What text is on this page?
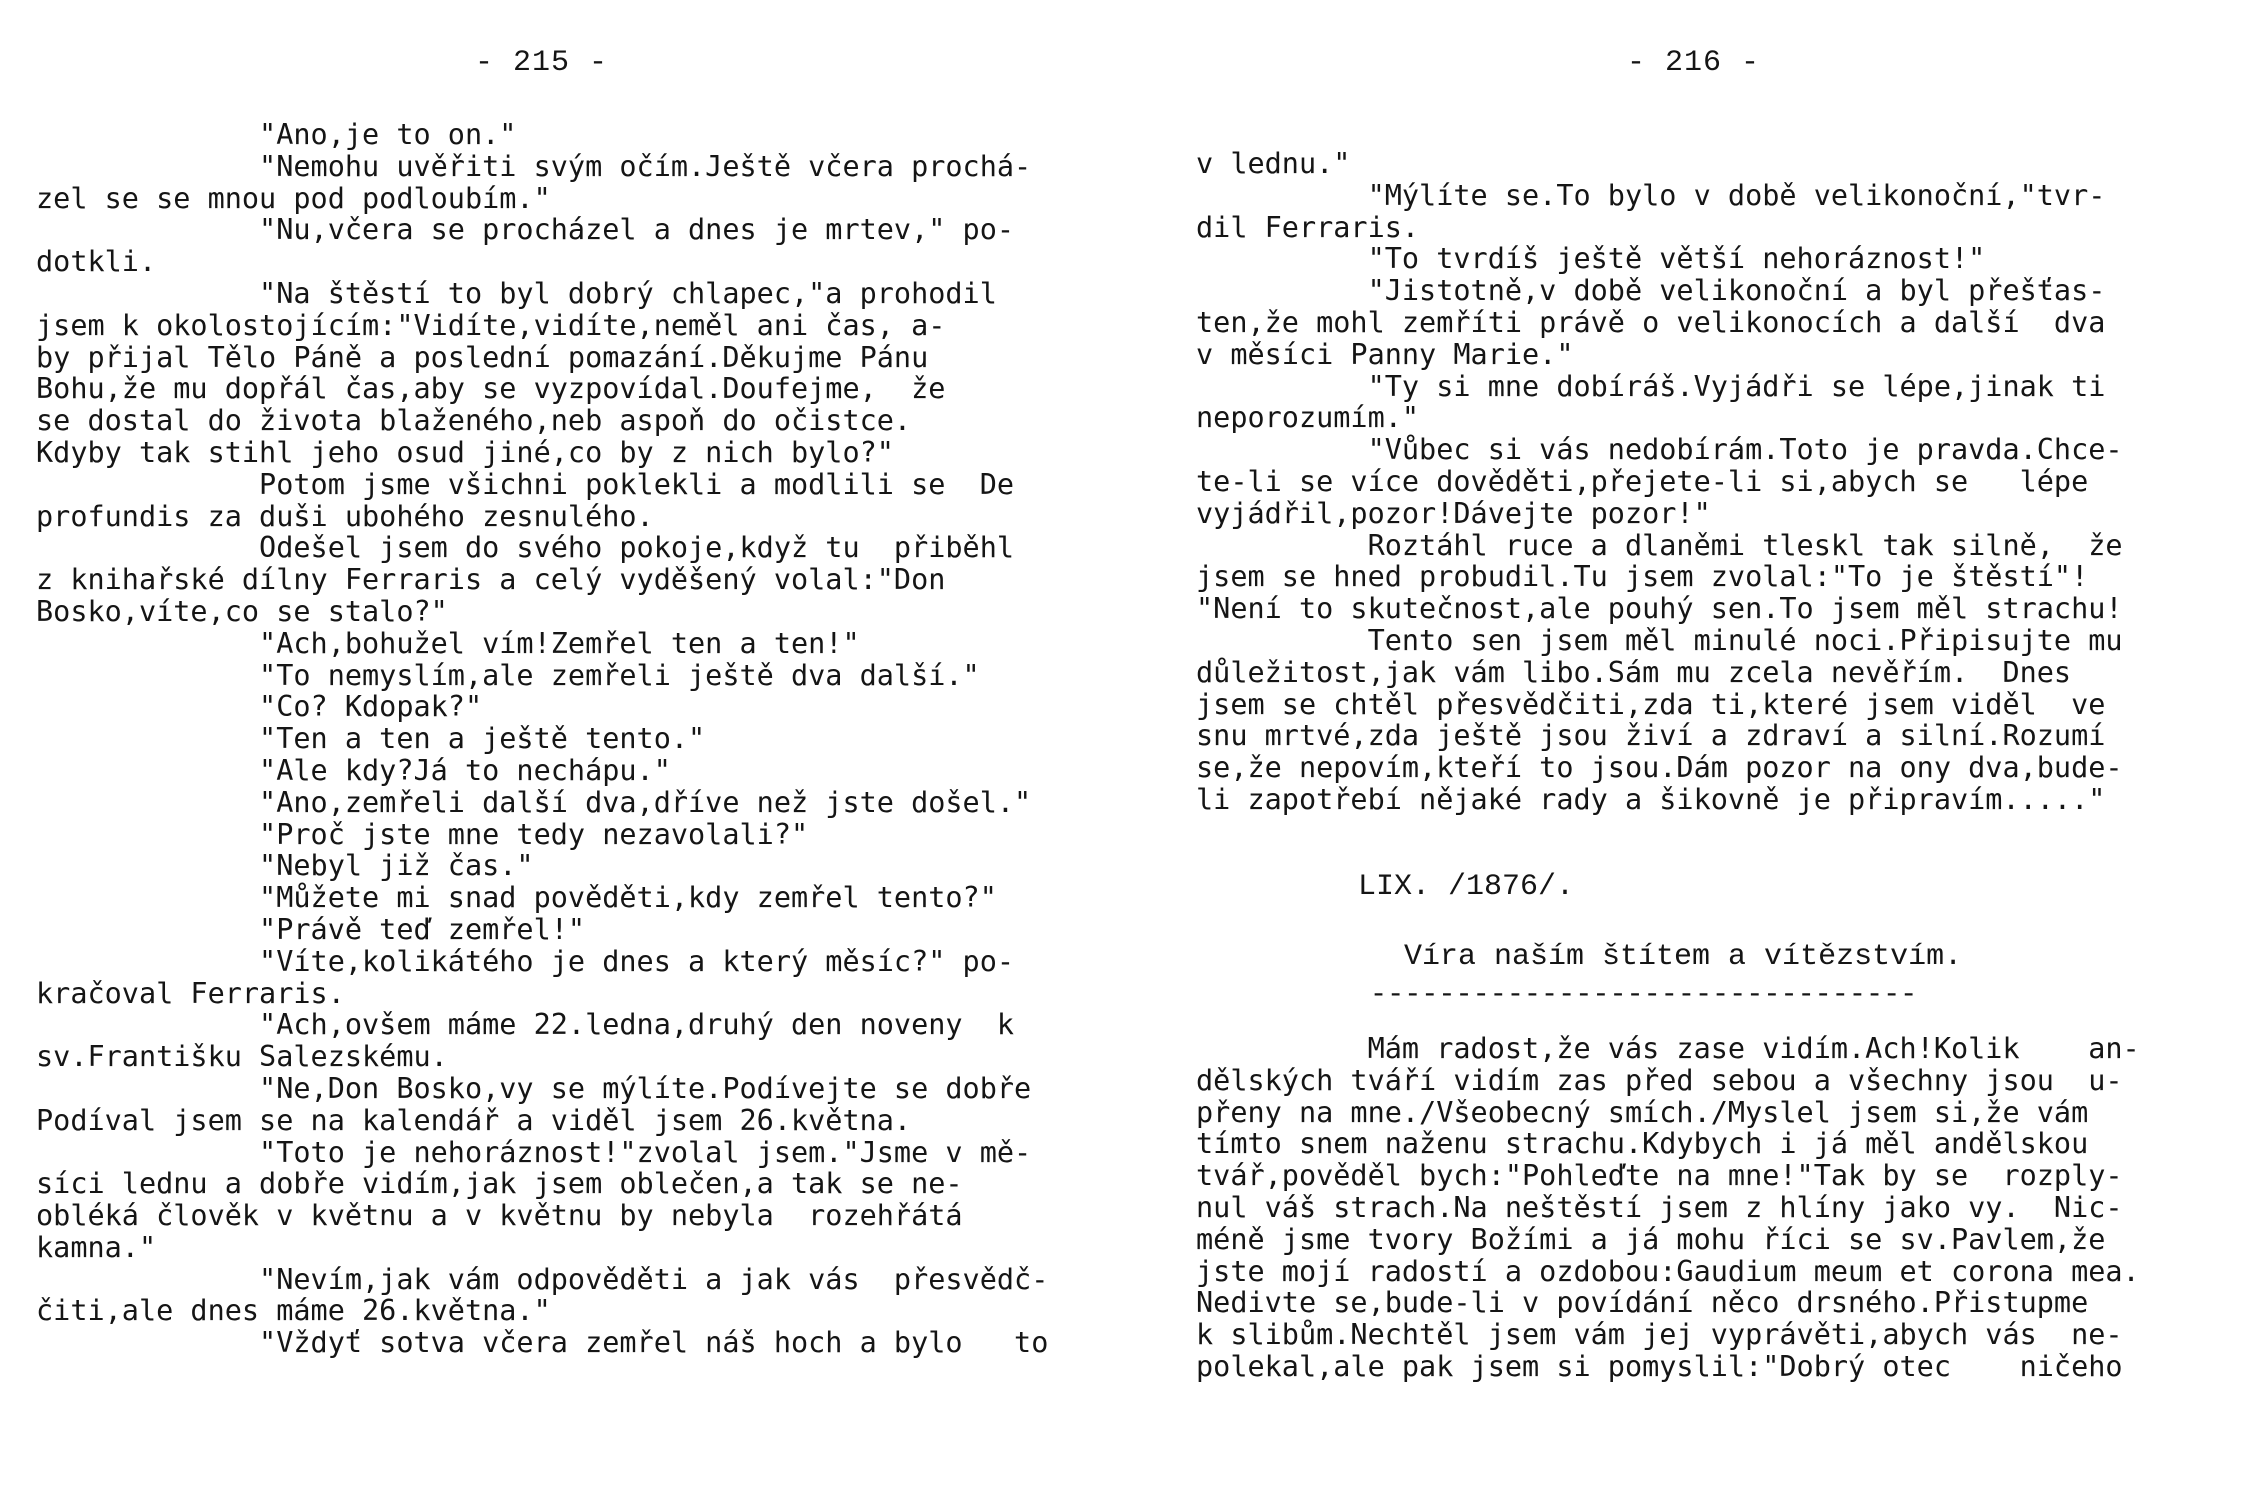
- 215 -
"Ano,je to on."
"Nemohu uvěřiti svým očím.Ještě včera prochá-
zel se se mnou pod podloubím."
"Nu,včera se procházel a dnes je mrtev," po-
dotkli.
"Na štěstí to byl dobrý chlapec,"a prohodil
jsem k okolostojícím:"Vidíte,vidíte,neměl ani čas, a-
by přijal Tělo Páně a poslední pomazání.Děkujme Pánu
Bohu,že mu dopřál čas,aby se vyzpovídal.Doufejme,  že
se dostal do života blaženého,neb aspoň do očistce.
Kdyby tak stihl jeho osud jiné,co by z nich bylo?"
Potom jsme všichni poklekli a modlili se  De
profundis za duši ubohého zesnulého.
Odešel jsem do svého pokoje,když tu  přiběhl
z knihařské dílny Ferraris a celý vyděšený volal:"Don
Bosko,víte,co se stalo?"
"Ach,bohužel vím!Zemřel ten a ten!"
"To nemyslím,ale zemřeli ještě dva další."
"Co? Kdopak?"
"Ten a ten a ještě tento."
"Ale kdy?Já to nechápu."
"Ano,zemřeli další dva,dříve než jste došel."
"Proč jste mne tedy nezavolali?"
"Nebyl již čas."
"Můžete mi snad pověděti,kdy zemřel tento?"
"Právě teď zemřel!"
"Víte,kolikátého je dnes a který měsíc?" po-
kračoval Ferraris.
"Ach,ovšem máme 22.ledna,druhý den noveny  k
sv.Františku Salezskému.
"Ne,Don Bosko,vy se mýlíte.Podívejte se dobře
Podíval jsem se na kalendář a viděl jsem 26.května.
"Toto je nehoráznost!"zvolal jsem."Jsme v mě-
síci lednu a dobře vidím,jak jsem oblečen,a tak se ne-
obléká člověk v květnu a v květnu by nebyla  rozehřátá
kamna."
"Nevím,jak vám odpověděti a jak vás  přesvědč-
čiti,ale dnes máme 26.května."
"Vždyť sotva včera zemřel náš hoch a bylo   to
- 216 -
v lednu."
"Mýlíte se.To bylo v době velikonoční,"tvr-
dil Ferraris.
"To tvrdíš ještě větší nehoráznost!"
"Jistotně,v době velikonoční a byl přešťas-
ten,že mohl zemříti právě o velikonocích a další  dva
v měsíci Panny Marie."
"Ty si mne dobíráš.Vyjádři se lépe,jinak ti
neporozumím."
"Vůbec si vás nedobírám.Toto je pravda.Chce-
te-li se více dověděti,přejete-li si,abych se   lépe
vyjádřil,pozor!Dávejte pozor!"
Roztáhl ruce a dlaněmi tleskl tak silně,  že
jsem se hned probudil.Tu jsem zvolal:"To je štěstí"!
"Není to skutečnost,ale pouhý sen.To jsem měl strachu!
Tento sen jsem měl minulé noci.Připisujte mu
důležitost,jak vám libo.Sám mu zcela nevěřím.  Dnes
jsem se chtěl přesvědčiti,zda ti,které jsem viděl  ve
snu mrtvé,zda ještě jsou živí a zdraví a silní.Rozumí
se,že nepovím,kteří to jsou.Dám pozor na ony dva,bude-
li zapotřebí nějaké rady a šikovně je připravím....."
LIX. /1876/.
Víra naším štítem a vítězstvím.
--------------------------------
Mám radost,že vás zase vidím.Ach!Kolik    an-
dělských tváří vidím zas před sebou a všechny jsou  u-
přeny na mne./Všeobecný smích./Myslel jsem si,že vám
tímto snem naženu strachu.Kdybych i já měl andělskou
tvář,pověděl bych:"Pohleďte na mne!"Tak by se  rozply-
nul váš strach.Na neštěstí jsem z hlíny jako vy.  Nic-
méně jsme tvory Božími a já mohu říci se sv.Pavlem,že
jste mojí radostí a ozdobou:Gaudium meum et corona mea.
Nedivte se,bude-li v povídání něco drsného.Přistupme
k slibům.Nechtěl jsem vám jej vyprávěti,abych vás  ne-
polekal,ale pak jsem si pomyslil:"Dobrý otec    ničeho
